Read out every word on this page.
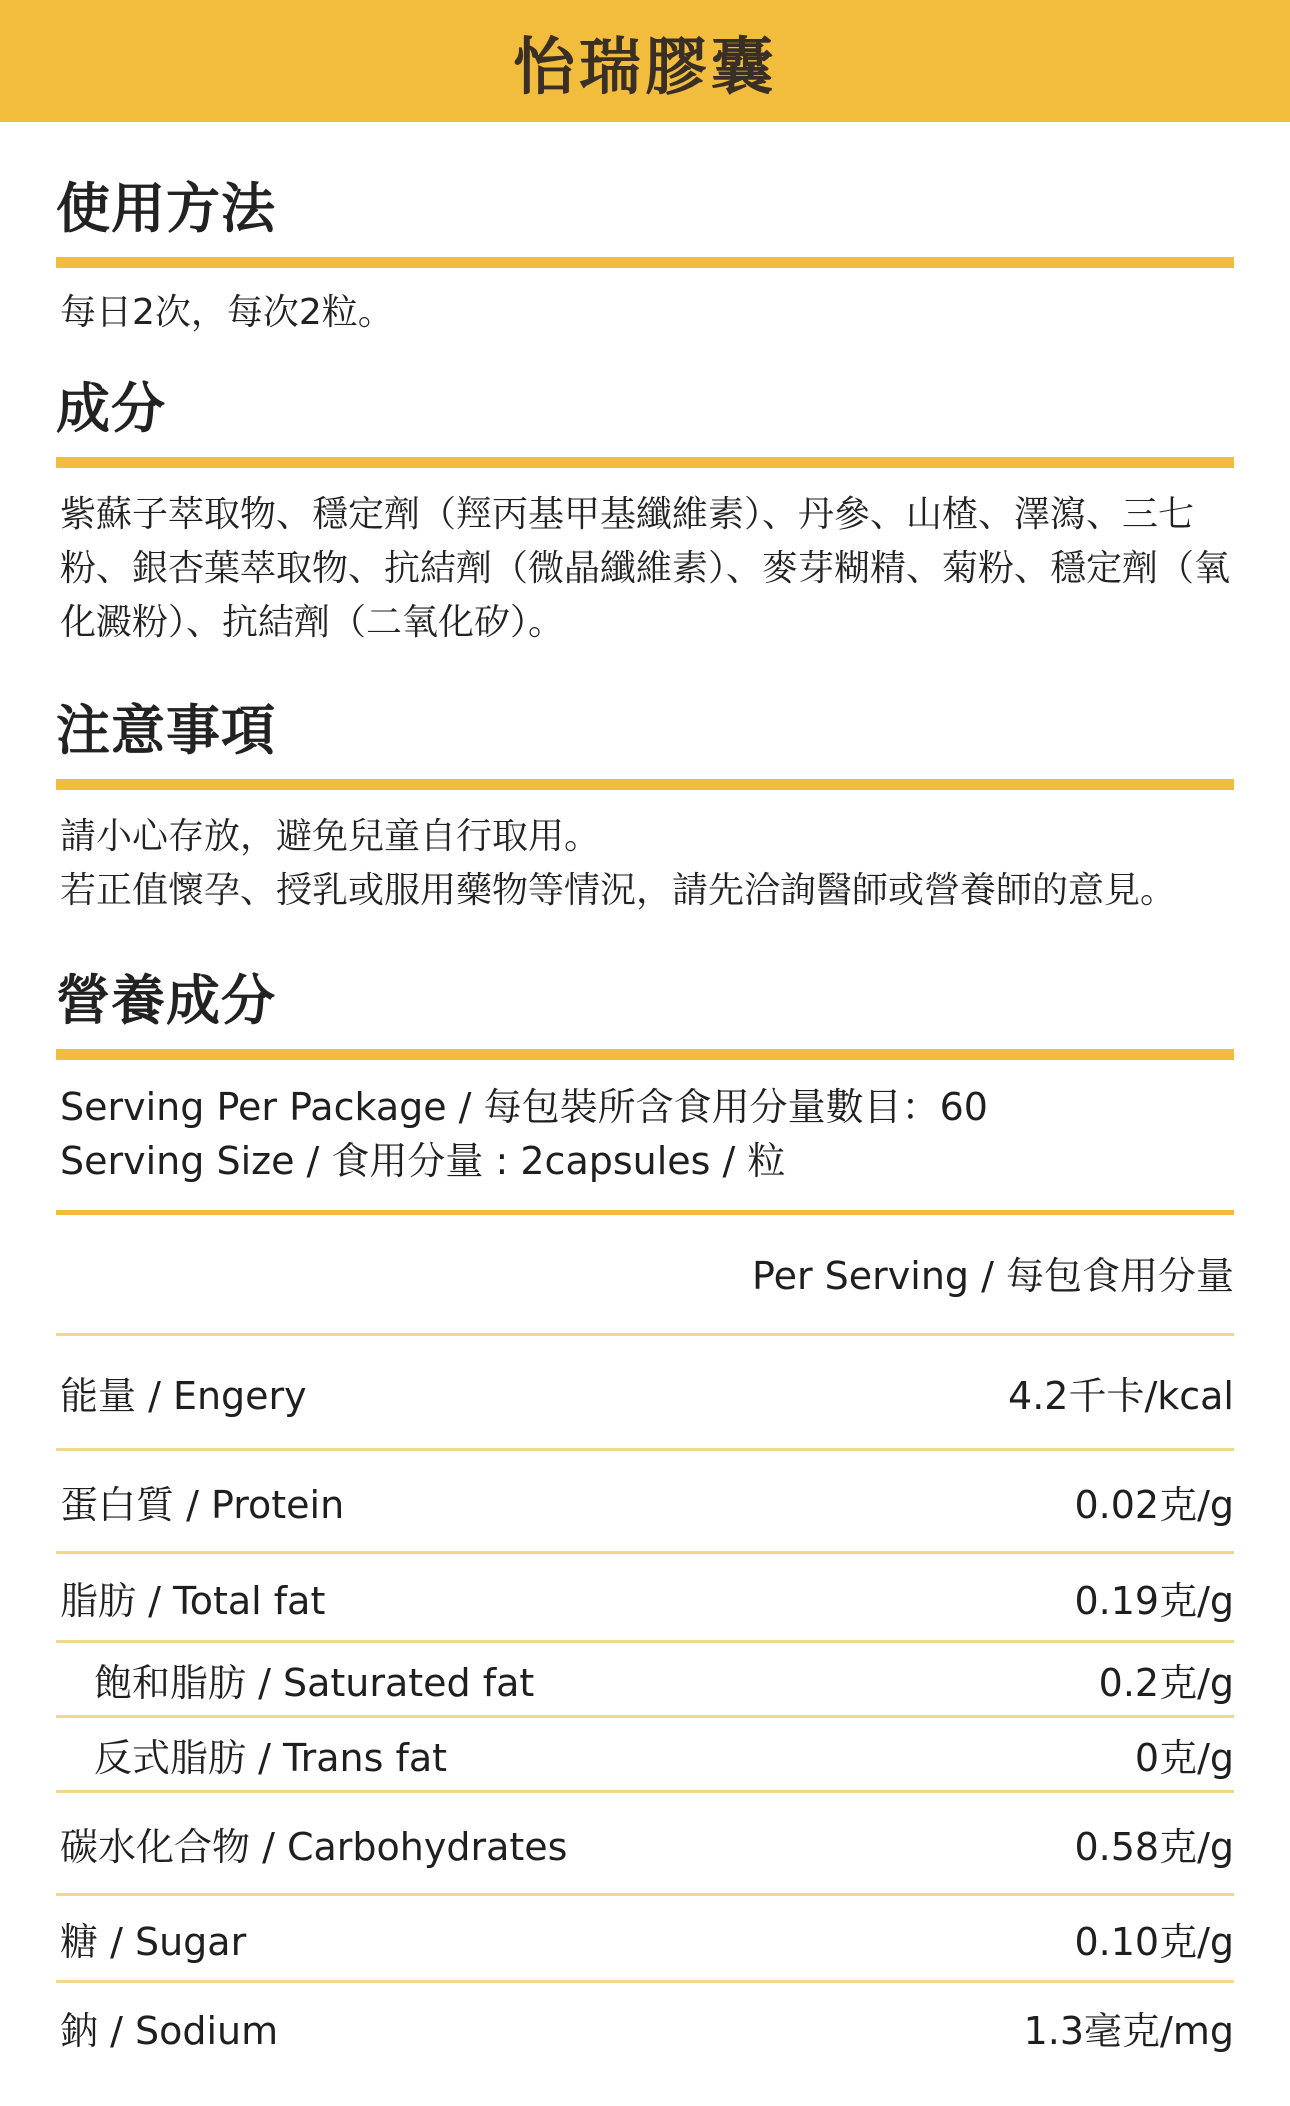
怡瑞膠囊
使用方法
每日2次，每次2粒。
成分
紫蘇子萃取物、穩定劑（羥丙基甲基纖維素）、丹參、山楂、澤瀉、三七
粉、銀杏葉萃取物、抗結劑（微晶纖維素）、麥芽糊精、菊粉、穩定劑（氧
化澱粉）、抗結劑（二氧化矽）。
注意事項
請小心存放，避免兒童自行取用。
若正值懷孕、授乳或服用藥物等情況，請先洽詢醫師或營養師的意見。
營養成分
Serving Per Package / 每包裝所含食用分量數目：60
Serving Size / 食用分量 : 2capsules / 粒
Per Serving / 每包食用分量
能量 / Engery	4.2千卡/kcal
蛋白質 / Protein	0.02克/g
脂肪 / Total fat	0.19克/g
飽和脂肪 / Saturated fat	0.2克/g
反式脂肪 / Trans fat	0克/g
碳水化合物 / Carbohydrates	0.58克/g
糖 / Sugar	0.10克/g
鈉 / Sodium	1.3毫克/mg
